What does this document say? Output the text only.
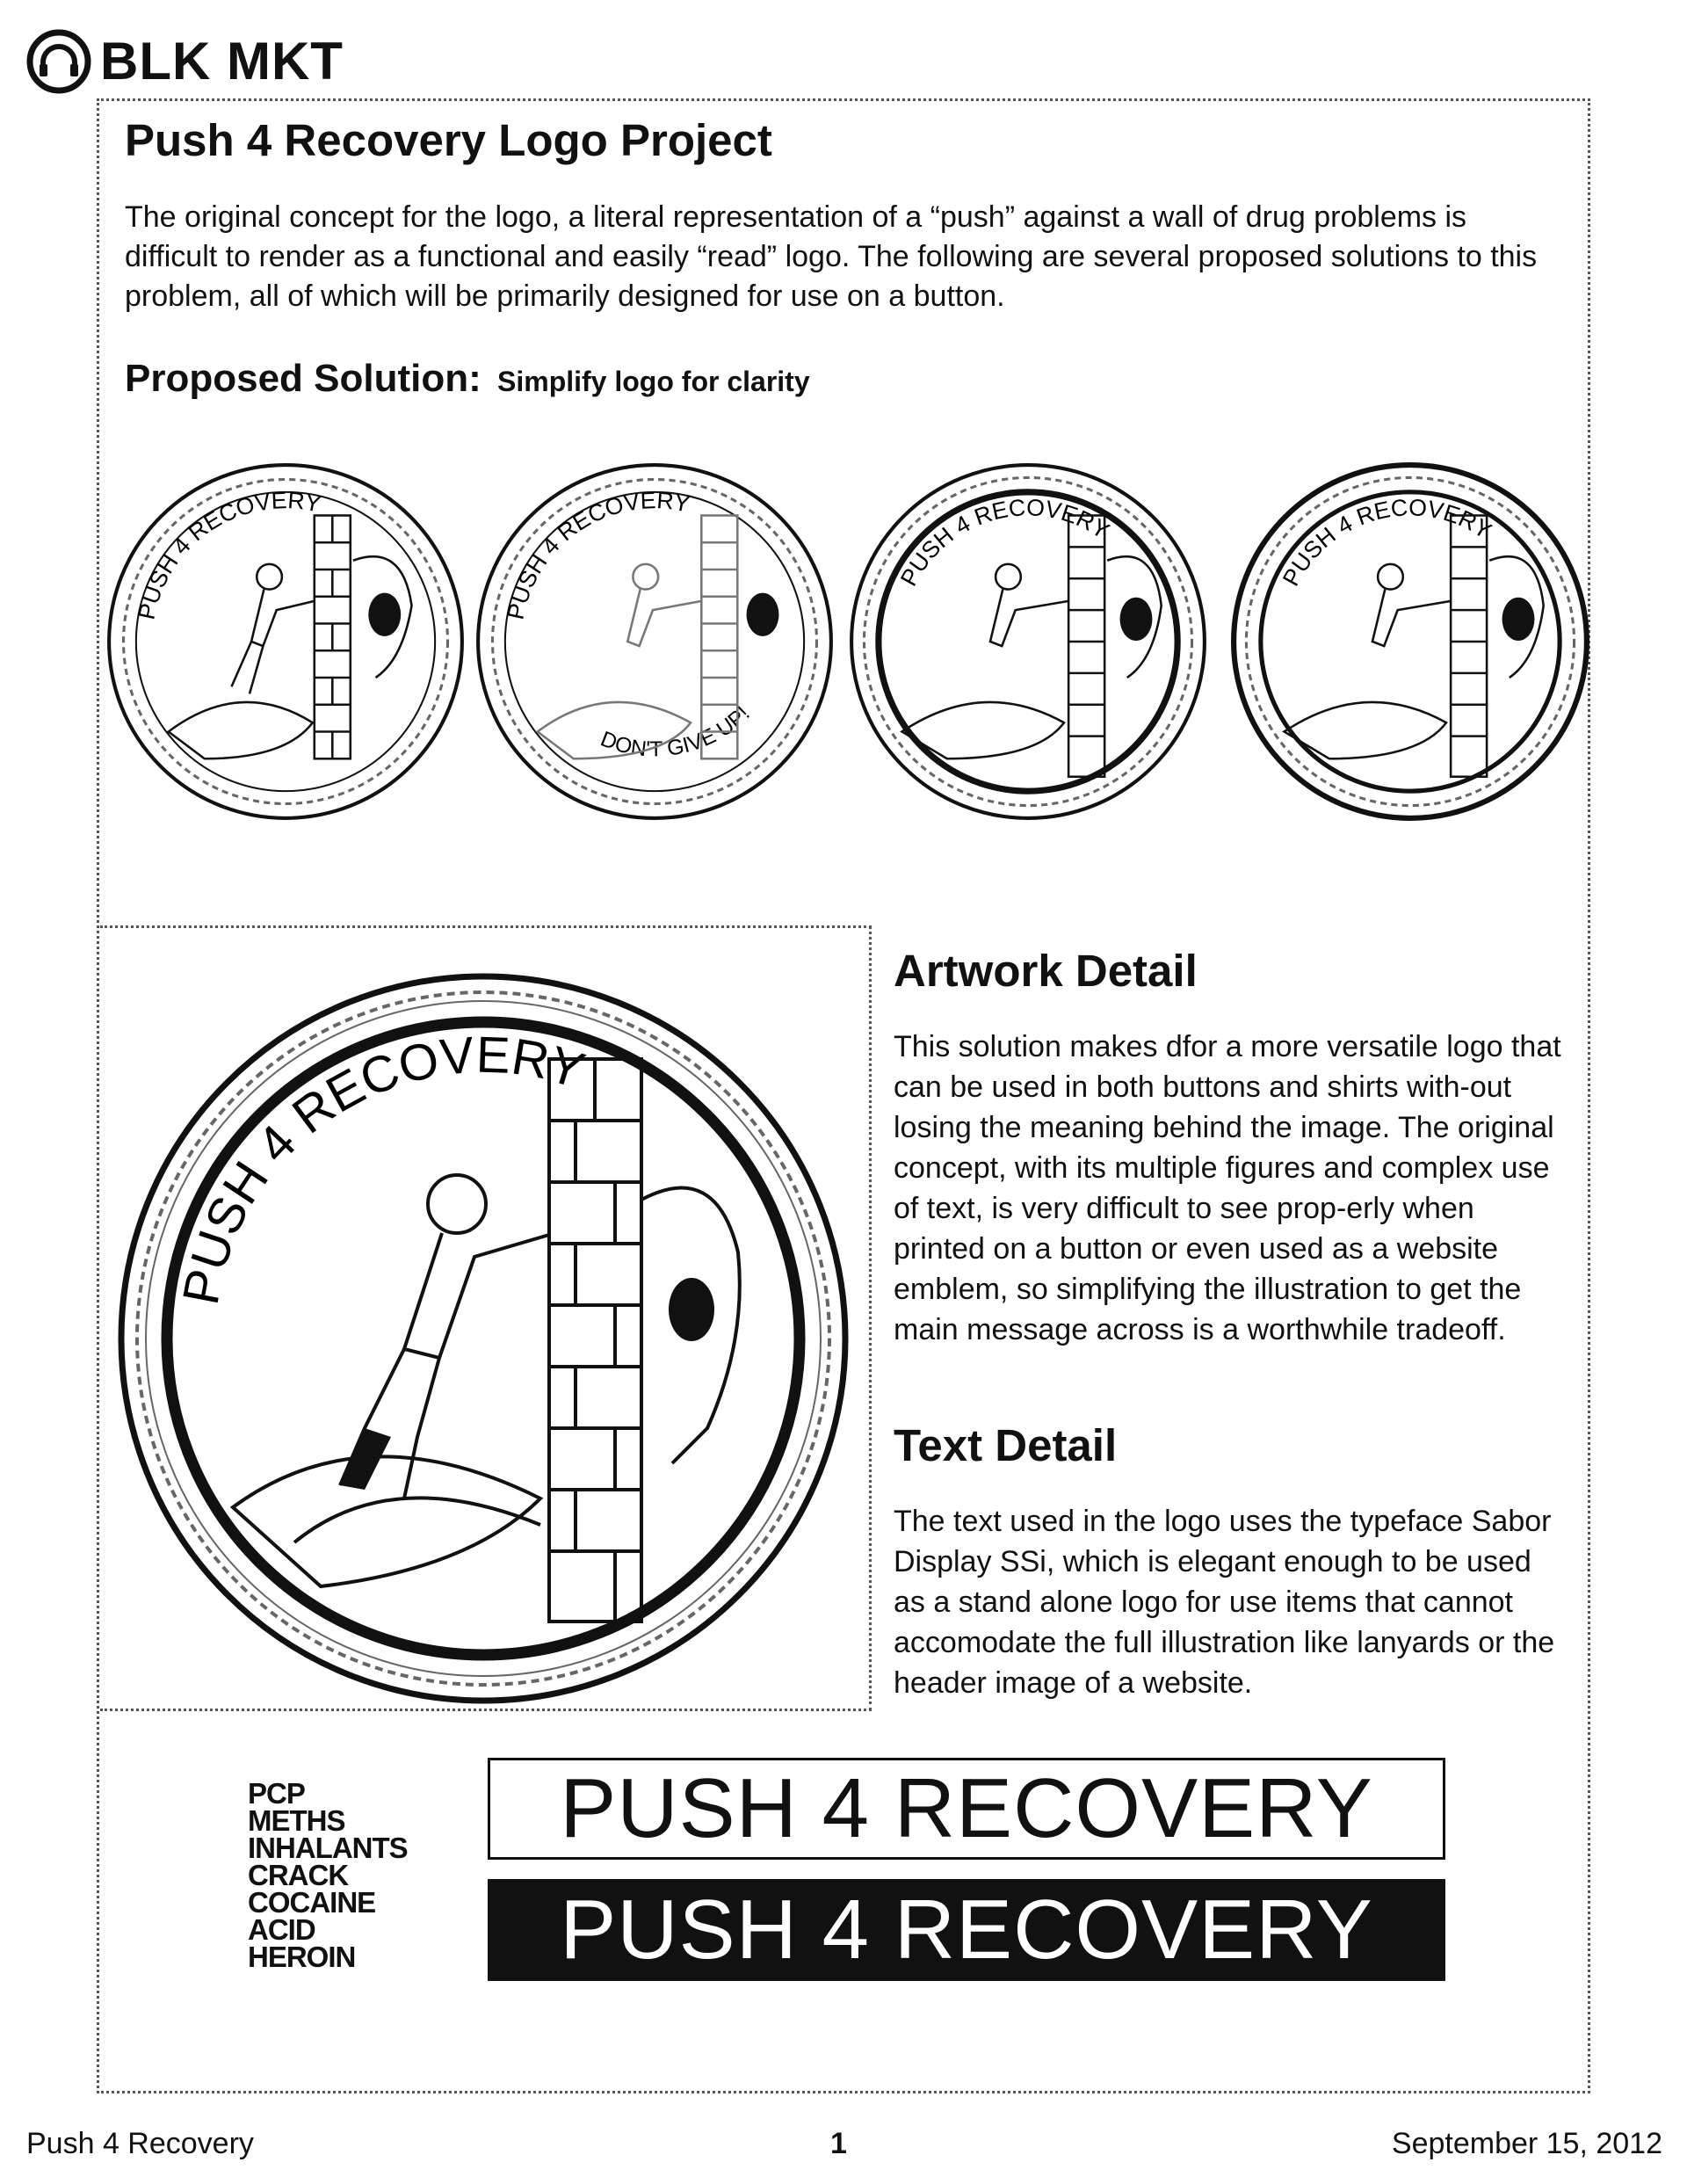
BLK MKT
Push 4 Recovery Logo Project

The original concept for the logo, a literal representation of a “push” against a wall of drug problems is difficult to render as a functional and easily “read” logo. The following are several proposed solutions to this problem, all of which will be primarily designed for use on a button.

Proposed Solution: Simplify logo for clarity
PUSH 4 RECOVERY
PUSH 4 RECOVERY
DON'T GIVE UP!
PUSH 4 RECOVERY
PUSH 4 RECOVERY
PUSH 4 RECOVERY
Artwork Detail

This solution makes dfor a more versatile logo that can be used in both buttons and shirts with-out losing the meaning behind the image. The original concept, with its multiple figures and complex use of text, is very difficult to see prop-erly when printed on a button or even used as a website emblem, so simplifying the illustration to get the main message across is a worthwhile tradeoff.

Text Detail

The text used in the logo uses the typeface Sabor Display SSi, which is elegant enough to be used as a stand alone logo for use items that cannot accomodate the full illustration like lanyards or the header image of a website.

PCP
METHS
INHALANTS
CRACK
COCAINE
ACID
HEROIN
PUSH 4 RECOVERY
PUSH 4 RECOVERY

Push 4 Recovery	1	September 15, 2012
